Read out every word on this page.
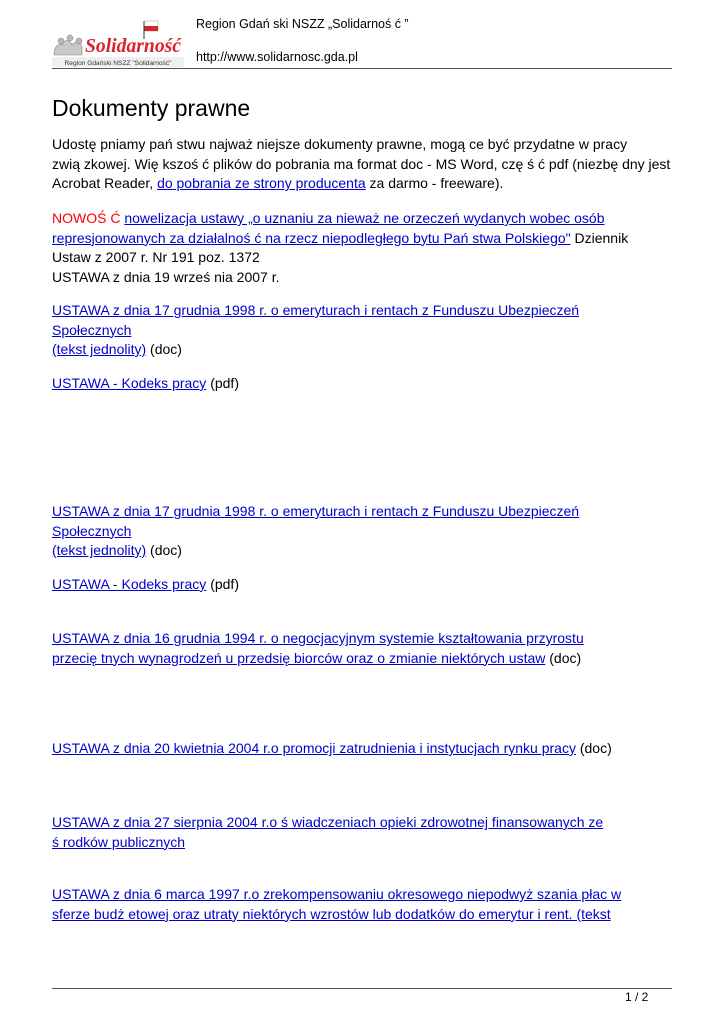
Solidarność
Region Gdański NSZZ "Solidarność"
Region Gdań ski NSZZ „Solidarnoś ć ”
http://www.solidarnosc.gda.pl
Dokumenty prawne
Udostę pniamy pań stwu najważ niejsze dokumenty prawne, mogą ce być przydatne w pracy
zwią zkowej. Wię kszoś ć plików do pobrania ma format doc - MS Word, czę ś ć pdf (niezbę dny jest
Acrobat Reader, do pobrania ze strony producenta za darmo - freeware).
NOWOŚ Ć nowelizacja ustawy „o uznaniu za nieważ ne orzeczeń wydanych wobec osób
represjonowanych za działalnoś ć na rzecz niepodległego bytu Pań stwa Polskiego" Dziennik
Ustaw z 2007 r. Nr 191 poz. 1372
USTAWA z dnia 19 wrześ nia 2007 r.
USTAWA z dnia 17 grudnia 1998 r. o emeryturach i rentach z Funduszu Ubezpieczeń
Społecznych
(tekst jednolity) (doc)
USTAWA - Kodeks pracy (pdf)
USTAWA z dnia 17 grudnia 1998 r. o emeryturach i rentach z Funduszu Ubezpieczeń
Społecznych
(tekst jednolity) (doc)
USTAWA - Kodeks pracy (pdf)
USTAWA z dnia 16 grudnia 1994 r. o negocjacyjnym systemie kształtowania przyrostu
przecię tnych wynagrodzeń u przedsię biorców oraz o zmianie niektórych ustaw (doc)
USTAWA z dnia 20 kwietnia 2004 r.o promocji zatrudnienia i instytucjach rynku pracy (doc)
USTAWA z dnia 27 sierpnia 2004 r.o ś wiadczeniach opieki zdrowotnej finansowanych ze
ś rodków publicznych
USTAWA z dnia 6 marca 1997 r.o zrekompensowaniu okresowego niepodwyż szania płac w
sferze budż etowej oraz utraty niektórych wzrostów lub dodatków do emerytur i rent. (tekst
1 / 2
